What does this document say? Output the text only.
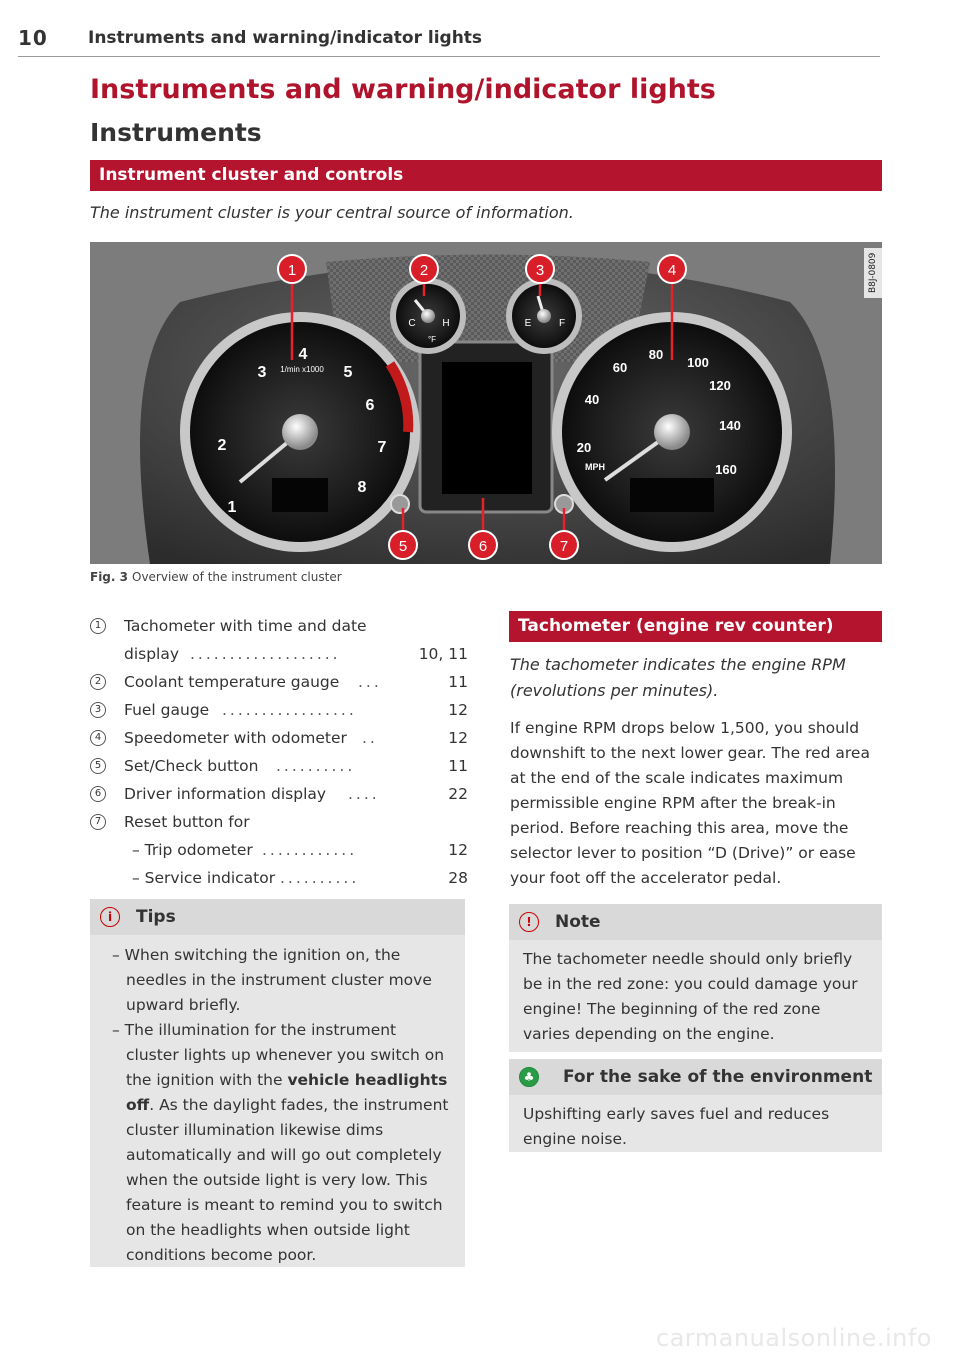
10 Instruments and warning/indicator lights
Instruments and warning/indicator lights
Instruments
Instrument cluster and controls
The instrument cluster is your central source of information.
1
2
3
4
5
6
7
8
1/min x1000
20
40
60
80
100
120
140
160
MPH
C	H
°F
E	F
1	2	3	4
5	6	7
B8J-0809
Fig. 3 Overview of the instrument cluster
1	Tachometer with time and date
display ...................	10, 11
2	Coolant temperature gauge ...	11
3	Fuel gauge .................	12
4	Speedometer with odometer ..	12
5	Set/Check button ..........	11
6	Driver information display ....	22
7	Reset button for
– Trip odometer ............	12
– Service indicator ..........	28
i	Tips

– When switching the ignition on, the needles in the instrument cluster move upward briefly.

– The illumination for the instrument cluster lights up whenever you switch on the ignition with the vehicle headlights off. As the daylight fades, the instrument cluster illumination likewise dims automatically and will go out completely when the outside light is very low. This feature is meant to remind you to switch on the headlights when outside light conditions become poor.

Tachometer (engine rev counter)
The tachometer indicates the engine RPM (revolutions per minutes).
If engine RPM drops below 1,500, you should downshift to the next lower gear. The red area at the end of the scale indicates maximum permissible engine RPM after the break-in period. Before reaching this area, move the selector lever to position “D (Drive)” or ease your foot off the accelerator pedal.
!	Note
The tachometer needle should only briefly be in the red zone: you could damage your engine! The beginning of the red zone varies depending on the engine.
♣ For the sake of the environment
Upshifting early saves fuel and reduces engine noise.
carmanualsonline.info
